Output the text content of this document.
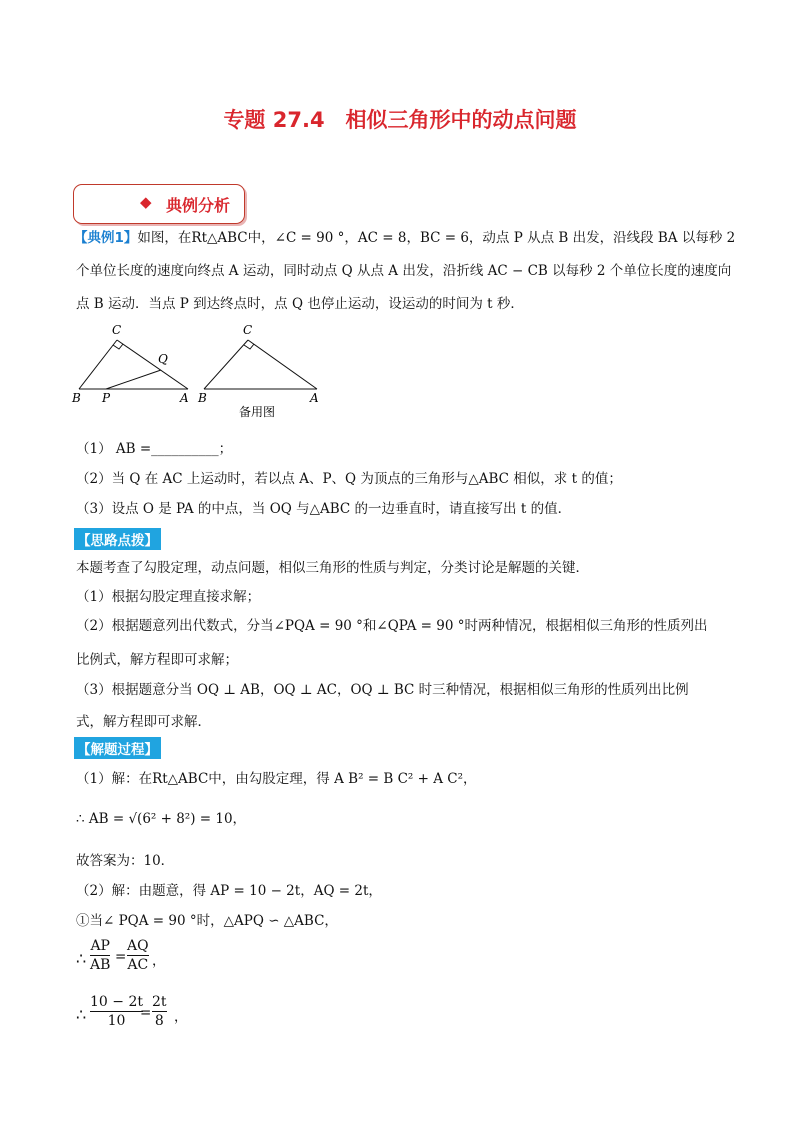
专题 27.4　相似三角形中的动点问题
◆ 典例分析
【典例1】如图，在Rt△ABC中，∠C = 90 °，AC = 8，BC = 6，动点 P 从点 B 出发，沿线段 BA 以每秒 2
个单位长度的速度向终点 A 运动，同时动点 Q 从点 A 出发，沿折线 AC − CB 以每秒 2 个单位长度的速度向
点 B 运动．当点 P 到达终点时，点 Q 也停止运动，设运动的时间为 t 秒．
C
Q
B P	A
C
B	A
备用图
（1） AB =__________；
（2）当 Q 在 AC 上运动时，若以点 A、P、Q 为顶点的三角形与△ABC 相似，求 t 的值；
（3）设点 O 是 PA 的中点，当 OQ 与△ABC 的一边垂直时，请直接写出 t 的值．
【思路点拨】
本题考查了勾股定理，动点问题，相似三角形的性质与判定，分类讨论是解题的关键．
（1）根据勾股定理直接求解；
（2）根据题意列出代数式，分当∠PQA = 90 °和∠QPA = 90 °时两种情况，根据相似三角形的性质列出
比例式，解方程即可求解；
（3）根据题意分当 OQ ⊥ AB，OQ ⊥ AC，OQ ⊥ BC 时三种情况，根据相似三角形的性质列出比例
式，解方程即可求解．
【解题过程】
（1）解：在Rt△ABC中，由勾股定理，得 A B² = B C² + A C²，
∴ AB = √(6² + 8²) = 10，
故答案为：10．
（2）解：由题意，得 AP = 10 − 2t，AQ = 2t，
①当∠ PQA = 90 °时，△APQ ∽ △ABC，
∴
AP
AB =
AQ
AC ，
∴
10 − 2t
10	=
2t
8 ，
